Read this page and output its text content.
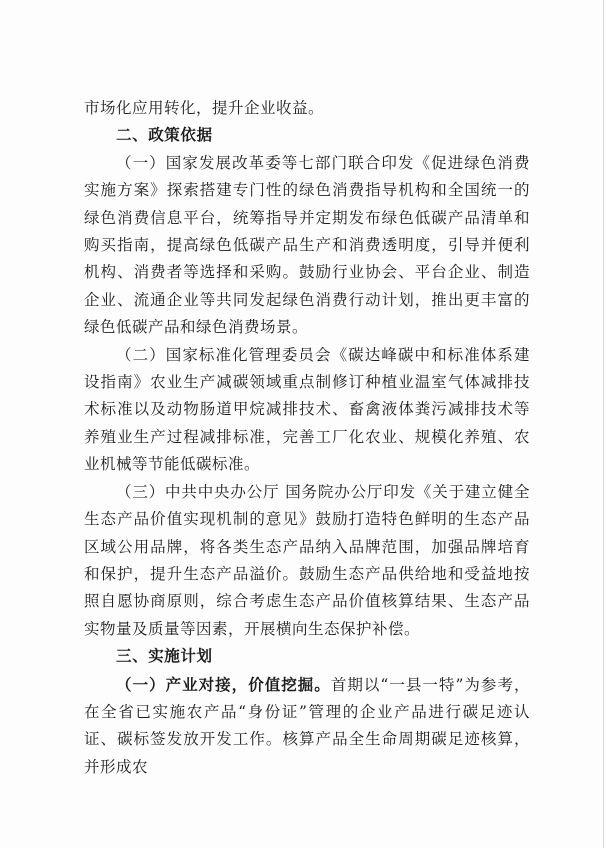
市场化应用转化，提升企业收益。

二、政策依据

（一）国家发展改革委等七部门联合印发《促进绿色消费实施方案》探索搭建专门性的绿色消费指导机构和全国统一的绿色消费信息平台，统筹指导并定期发布绿色低碳产品清单和购买指南，提高绿色低碳产品生产和消费透明度，引导并便利机构、消费者等选择和采购。鼓励行业协会、平台企业、制造企业、流通企业等共同发起绿色消费行动计划，推出更丰富的绿色低碳产品和绿色消费场景。

（二）国家标准化管理委员会《碳达峰碳中和标准体系建设指南》农业生产减碳领域重点制修订种植业温室气体减排技术标准以及动物肠道甲烷减排技术、畜禽液体粪污减排技术等养殖业生产过程减排标准，完善工厂化农业、规模化养殖、农业机械等节能低碳标准。

（三）中共中央办公厅 国务院办公厅印发《关于建立健全生态产品价值实现机制的意见》鼓励打造特色鲜明的生态产品区域公用品牌，将各类生态产品纳入品牌范围，加强品牌培育和保护，提升生态产品溢价。鼓励生态产品供给地和受益地按照自愿协商原则，综合考虑生态产品价值核算结果、生态产品实物量及质量等因素，开展横向生态保护补偿。

三、实施计划

（一）产业对接，价值挖掘。首期以“一县一特”为参考，在全省已实施农产品“身份证”管理的企业产品进行碳足迹认证、碳标签发放开发工作。核算产品全生命周期碳足迹核算，并形成农
